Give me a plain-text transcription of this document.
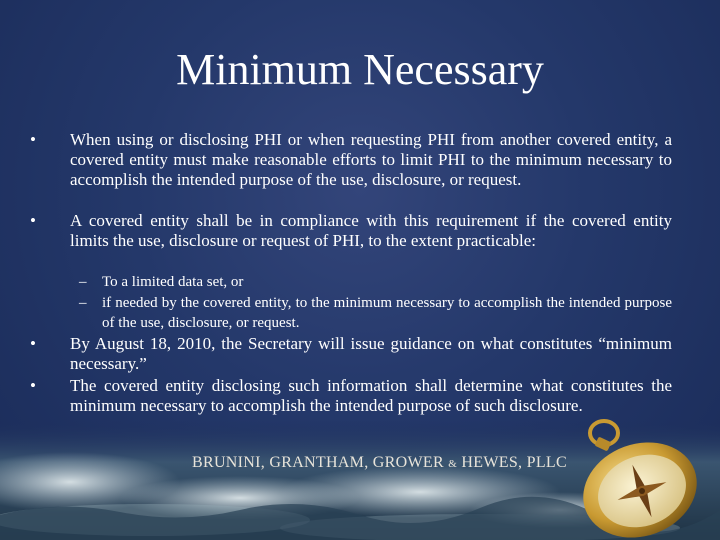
Minimum Necessary
• When using or disclosing PHI or when requesting PHI from another covered entity, a covered entity must make reasonable efforts to limit PHI to the minimum necessary to accomplish the intended purpose of the use, disclosure, or request.
• A covered entity shall be in compliance with this requirement if the covered entity limits the use, disclosure or request of PHI, to the extent practicable:
– To a limited data set, or
– if needed by the covered entity, to the minimum necessary to accomplish the intended purpose of the use, disclosure, or request.
• By August 18, 2010, the Secretary will issue guidance on what constitutes “minimum necessary.”
• The covered entity disclosing such information shall determine what constitutes the minimum necessary to accomplish the intended purpose of such disclosure.
BRUNINI, GRANTHAM, GROWER & HEWES, PLLC
